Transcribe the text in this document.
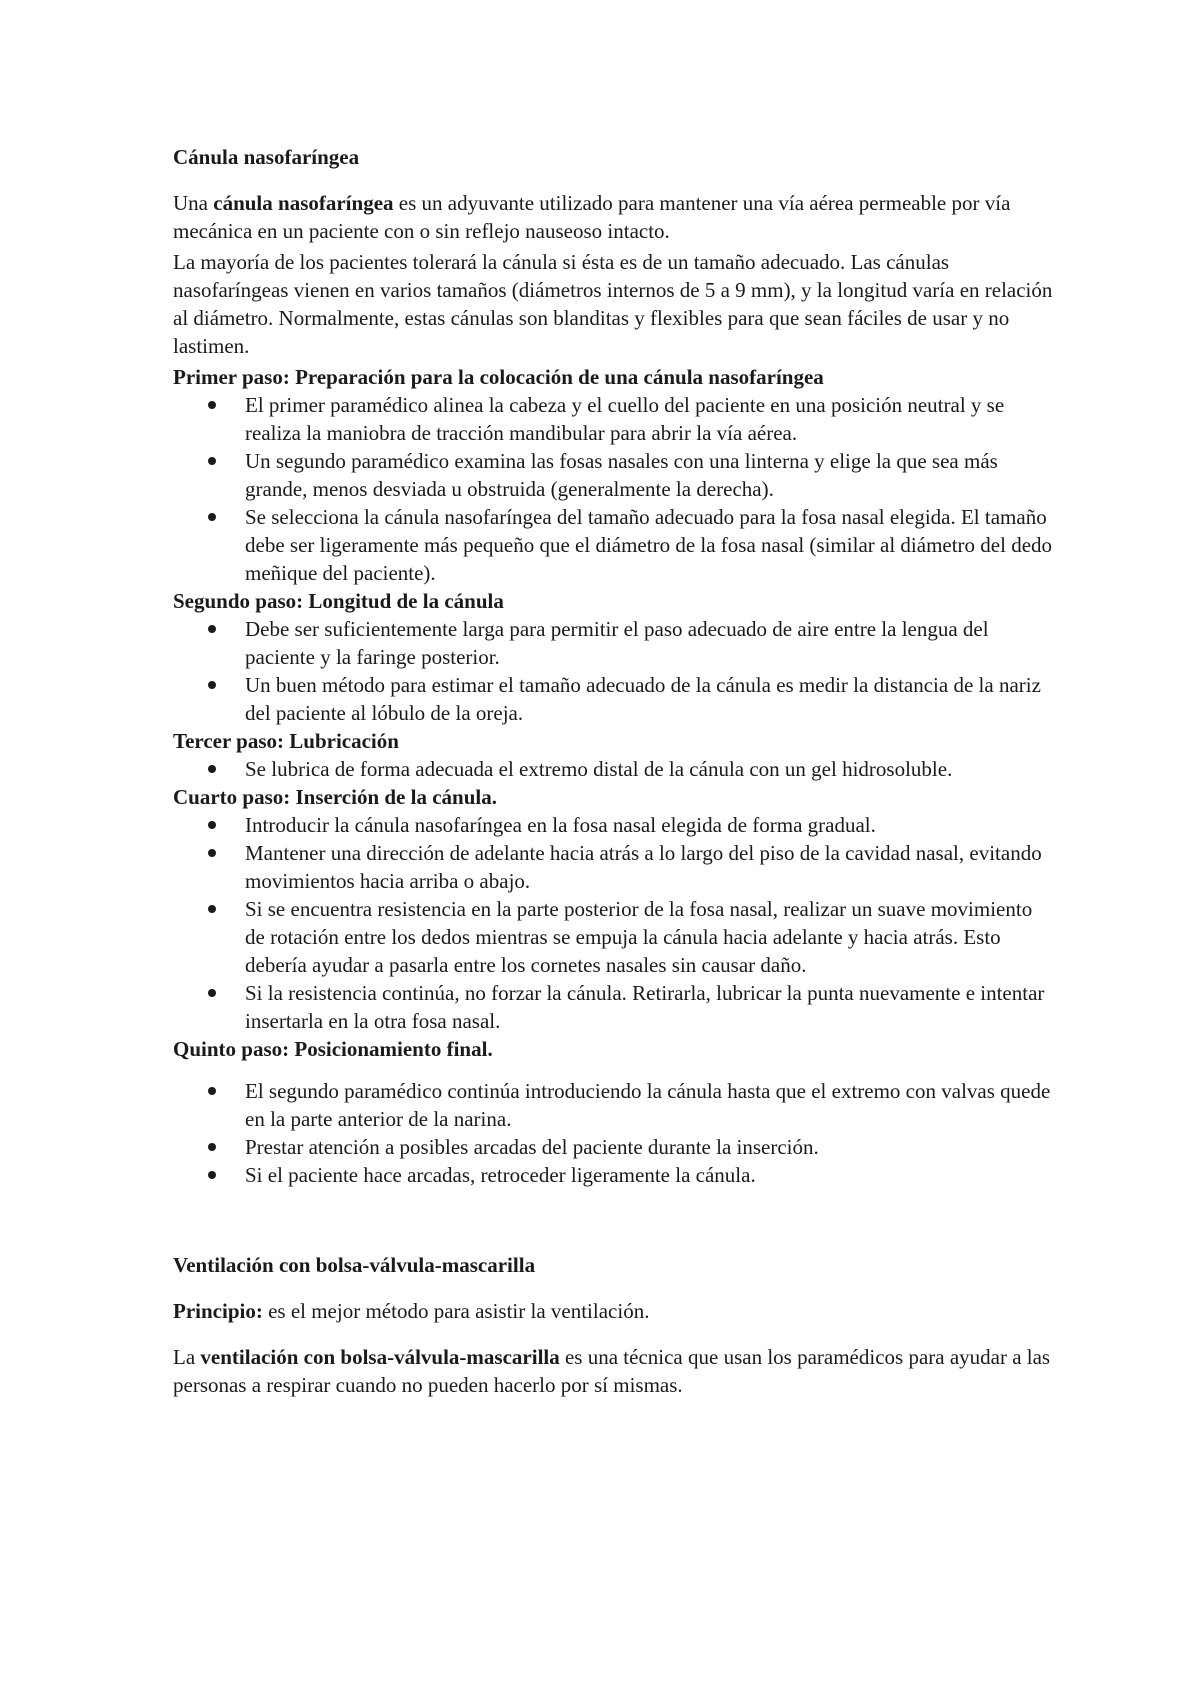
Cánula nasofaríngea

Una cánula nasofaríngea es un adyuvante utilizado para mantener una vía aérea permeable por vía mecánica en un paciente con o sin reflejo nauseoso intacto.

La mayoría de los pacientes tolerará la cánula si ésta es de un tamaño adecuado. Las cánulas nasofaríngeas vienen en varios tamaños (diámetros internos de 5 a 9 mm), y la longitud varía en relación al diámetro. Normalmente, estas cánulas son blanditas y flexibles para que sean fáciles de usar y no lastimen.

Primer paso: Preparación para la colocación de una cánula nasofaríngea
El primer paramédico alinea la cabeza y el cuello del paciente en una posición neutral y se realiza la maniobra de tracción mandibular para abrir la vía aérea.
Un segundo paramédico examina las fosas nasales con una linterna y elige la que sea más grande, menos desviada u obstruida (generalmente la derecha).
Se selecciona la cánula nasofaríngea del tamaño adecuado para la fosa nasal elegida. El tamaño debe ser ligeramente más pequeño que el diámetro de la fosa nasal (similar al diámetro del dedo meñique del paciente).
Segundo paso: Longitud de la cánula
Debe ser suficientemente larga para permitir el paso adecuado de aire entre la lengua del paciente y la faringe posterior.
Un buen método para estimar el tamaño adecuado de la cánula es medir la distancia de la nariz del paciente al lóbulo de la oreja.
Tercer paso: Lubricación
Se lubrica de forma adecuada el extremo distal de la cánula con un gel hidrosoluble.
Cuarto paso: Inserción de la cánula.
Introducir la cánula nasofaríngea en la fosa nasal elegida de forma gradual.
Mantener una dirección de adelante hacia atrás a lo largo del piso de la cavidad nasal, evitando movimientos hacia arriba o abajo.
Si se encuentra resistencia en la parte posterior de la fosa nasal, realizar un suave movimiento de rotación entre los dedos mientras se empuja la cánula hacia adelante y hacia atrás. Esto debería ayudar a pasarla entre los cornetes nasales sin causar daño.
Si la resistencia continúa, no forzar la cánula. Retirarla, lubricar la punta nuevamente e intentar insertarla en la otra fosa nasal.
Quinto paso: Posicionamiento final.
El segundo paramédico continúa introduciendo la cánula hasta que el extremo con valvas quede en la parte anterior de la narina.
Prestar atención a posibles arcadas del paciente durante la inserción.
Si el paciente hace arcadas, retroceder ligeramente la cánula.
Ventilación con bolsa-válvula-mascarilla

Principio: es el mejor método para asistir la ventilación.

La ventilación con bolsa-válvula-mascarilla es una técnica que usan los paramédicos para ayudar a las personas a respirar cuando no pueden hacerlo por sí mismas.
